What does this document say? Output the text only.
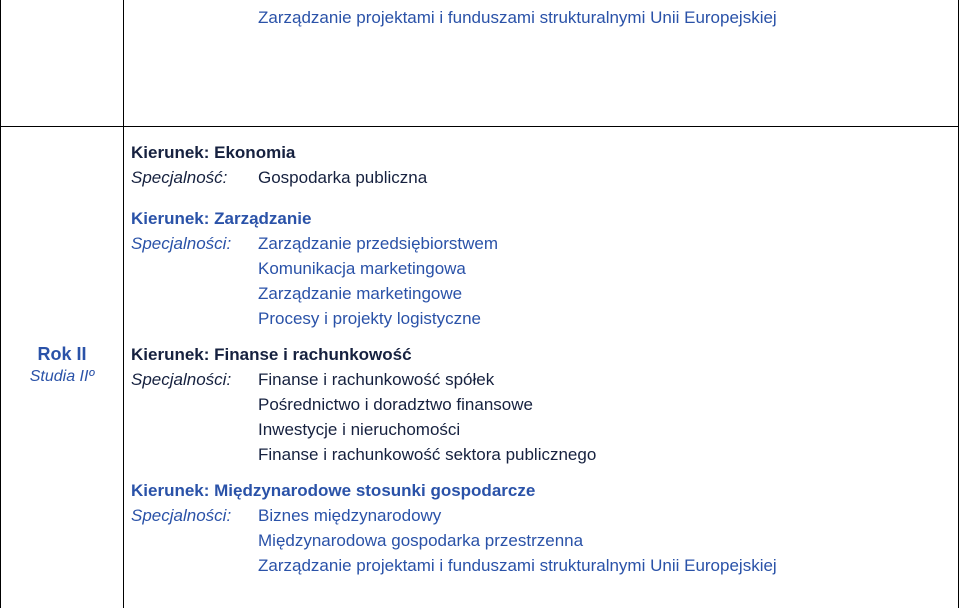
Zarządzanie projektami i funduszami strukturalnymi Unii Europejskiej
Rok II
Studia IIº
Kierunek: Ekonomia
Specjalność: Gospodarka publiczna
Kierunek: Zarządzanie
Specjalności: Zarządzanie przedsiębiorstwem
Komunikacja marketingowa
Zarządzanie marketingowe
Procesy i projekty logistyczne
Kierunek: Finanse i rachunkowość
Specjalności: Finanse i rachunkowość spółek
Pośrednictwo i doradztwo finansowe
Inwestycje i nieruchomości
Finanse i rachunkowość sektora publicznego
Kierunek: Międzynarodowe stosunki gospodarcze
Specjalności: Biznes międzynarodowy
Międzynarodowa gospodarka przestrzenna
Zarządzanie projektami i funduszami strukturalnymi Unii Europejskiej
